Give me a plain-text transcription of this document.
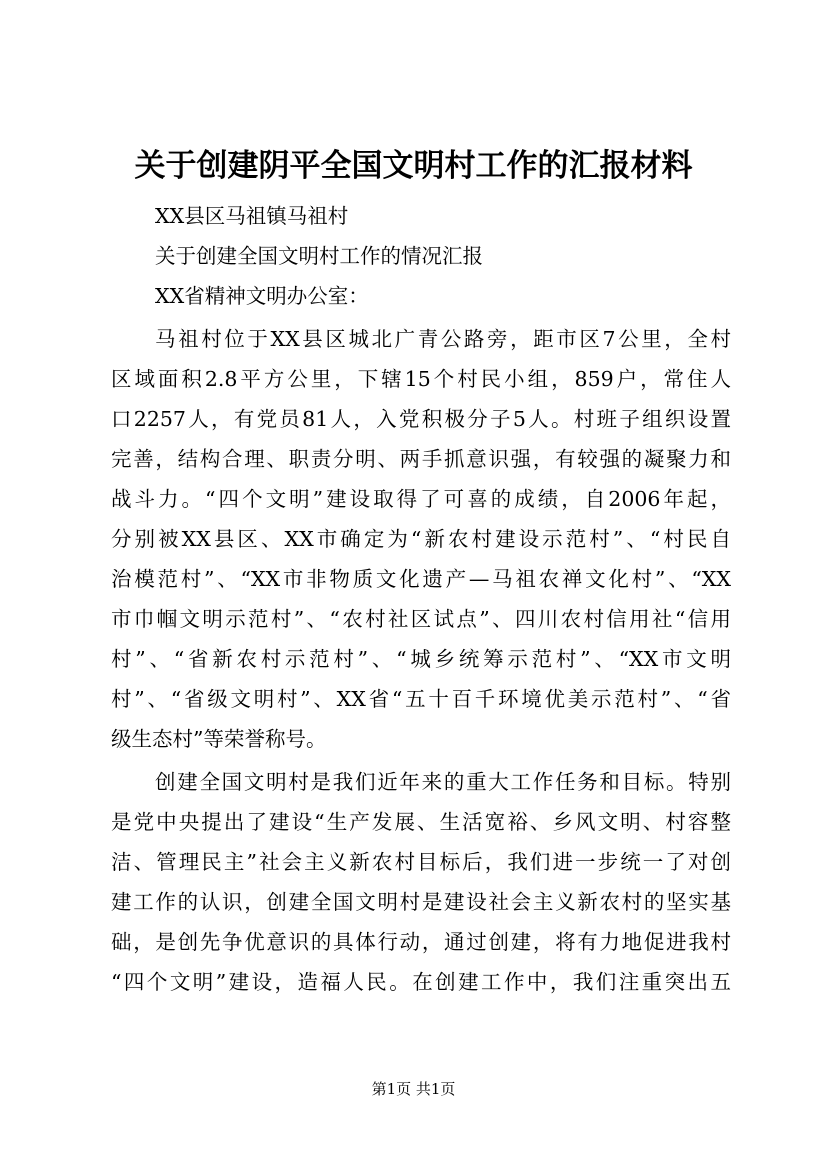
关于创建阴平全国文明村工作的汇报材料
XX县区马祖镇马祖村
关于创建全国文明村工作的情况汇报
XX省精神文明办公室：
马祖村位于XX县区城北广青公路旁，距市区7公里，全村
区域面积2.8平方公里，下辖15个村民小组，859户，常住人
口2257人，有党员81人，入党积极分子5人。村班子组织设置
完善，结构合理、职责分明、两手抓意识强，有较强的凝聚力和
战斗力。“四个文明”建设取得了可喜的成绩，自2006年起，
分别被XX县区、XX市确定为“新农村建设示范村”、“村民自
治模范村”、“XX市非物质文化遗产—马祖农禅文化村”、“XX
市巾帼文明示范村”、“农村社区试点”、四川农村信用社“信用
村”、“省新农村示范村”、“城乡统筹示范村”、“XX市文明
村”、“省级文明村”、XX省“五十百千环境优美示范村”、“省
级生态村”等荣誉称号。
创建全国文明村是我们近年来的重大工作任务和目标。特别
是党中央提出了建设“生产发展、生活宽裕、乡风文明、村容整
洁、管理民主”社会主义新农村目标后，我们进一步统一了对创
建工作的认识，创建全国文明村是建设社会主义新农村的坚实基
础，是创先争优意识的具体行动，通过创建，将有力地促进我村
“四个文明”建设，造福人民。在创建工作中，我们注重突出五
第1页 共1页
